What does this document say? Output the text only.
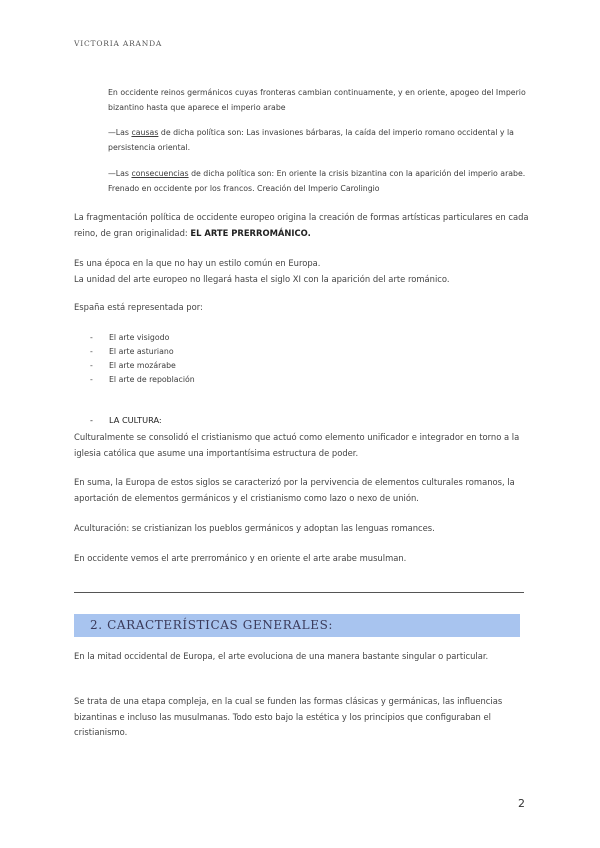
VICTORIA ARANDA

En occidente reinos germánicos cuyas fronteras cambian continuamente, y en oriente, apogeo del Imperio bizantino hasta que aparece el imperio arabe

—Las causas de dicha política son: Las invasiones bárbaras, la caída del imperio romano occidental y la persistencia oriental.

—Las consecuencias de dicha política son: En oriente la crisis bizantina con la aparición del imperio arabe. Frenado en occidente por los francos. Creación del Imperio Carolingio

La fragmentación política de occidente europeo origina la creación de formas artísticas particulares en cada reino, de gran originalidad: EL ARTE PRERROMÁNICO.

Es una época en la que no hay un estilo común en Europa.
La unidad del arte europeo no llegará hasta el siglo XI con la aparición del arte románico.

España está representada por:

- El arte visigodo
- El arte asturiano
- El arte mozárabe
- El arte de repoblación
- LA CULTURA:

Culturalmente se consolidó el cristianismo que actuó como elemento unificador e integrador en torno a la iglesia católica que asume una importantísima estructura de poder.

En suma, la Europa de estos siglos se caracterizó por la pervivencia de elementos culturales romanos, la aportación de elementos germánicos y el cristianismo como lazo o nexo de unión.

Aculturación: se cristianizan los pueblos germánicos y adoptan las lenguas romances.

En occidente vemos el arte prerrománico y en oriente el arte arabe musulman.

2. CARACTERÍSTICAS GENERALES:

En la mitad occidental de Europa, el arte evoluciona de una manera bastante singular o particular.

Se trata de una etapa compleja, en la cual se funden las formas clásicas y germánicas, las influencias bizantinas e incluso las musulmanas. Todo esto bajo la estética y los principios que configuraban el cristianismo.

2
